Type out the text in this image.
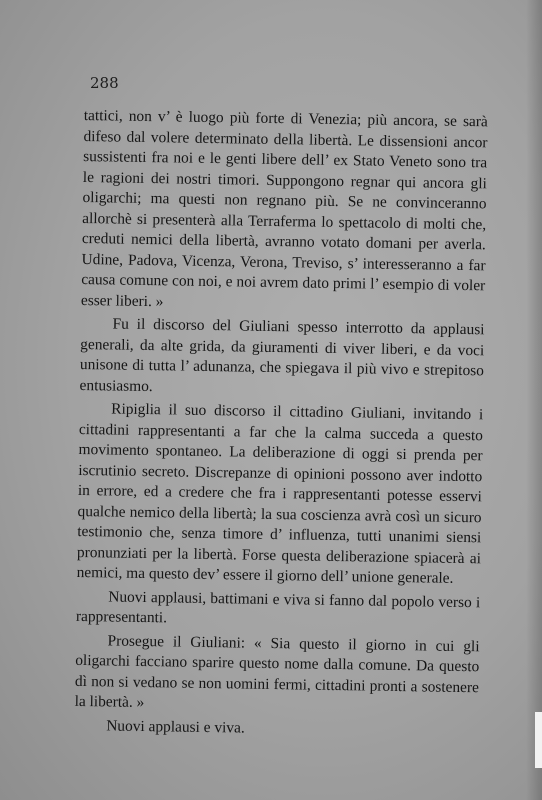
288

tattici, non v’ è luogo più forte di Venezia; più ancora, se sarà difeso dal volere determinato della libertà. Le dissensioni ancor sussistenti fra noi e le genti libere dell’ ex Stato Veneto sono tra le ragioni dei nostri timori. Suppongono regnar qui ancora gli oligarchi; ma questi non regnano più. Se ne convinceranno allorchè si presenterà alla Terraferma lo spettacolo di molti che, creduti nemici della libertà, avranno votato domani per averla. Udine, Padova, Vicenza, Verona, Treviso, s’ interesseranno a far causa comune con noi, e noi avrem dato primi l’ esempio di voler esser liberi. »

Fu il discorso del Giuliani spesso interrotto da applausi generali, da alte grida, da giuramenti di viver liberi, e da voci unisone di tutta l’ adunanza, che spiegava il più vivo e strepitoso entusiasmo.

Ripiglia il suo discorso il cittadino Giuliani, invitando i cittadini rappresentanti a far che la calma succeda a questo movimento spontaneo. La deliberazione di oggi si prenda per iscrutinio secreto. Discrepanze di opinioni possono aver indotto in errore, ed a credere che fra i rappresentanti potesse esservi qualche nemico della libertà; la sua coscienza avrà così un sicuro testimonio che, senza timore d’ influenza, tutti unanimi siensi pronunziati per la libertà. Forse questa deliberazione spiacerà ai nemici, ma questo dev’ essere il giorno dell’ unione generale.

Nuovi applausi, battimani e viva si fanno dal popolo verso i rappresentanti.

Prosegue il Giuliani: « Sia questo il giorno in cui gli oligarchi facciano sparire questo nome dalla comune. Da questo dì non si vedano se non uomini fermi, cittadini pronti a sostenere la libertà. »

Nuovi applausi e viva.
